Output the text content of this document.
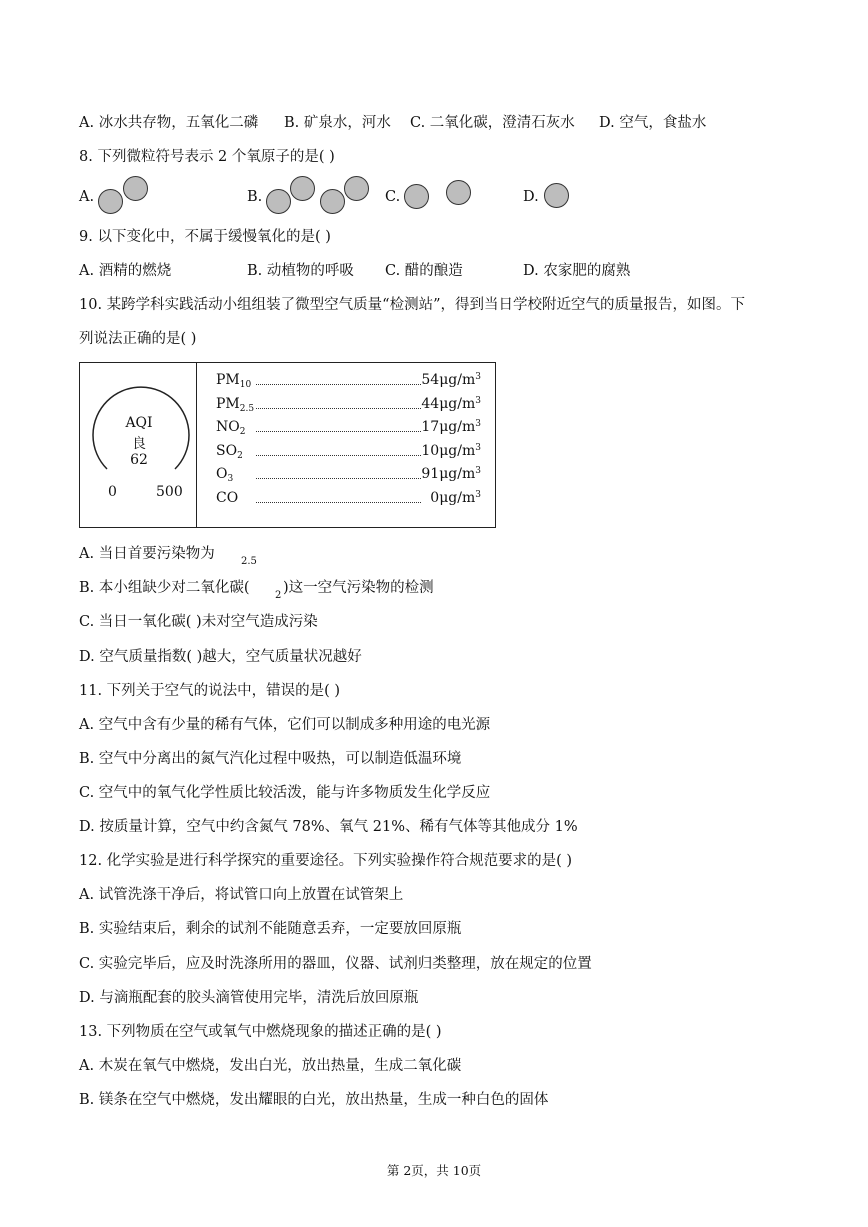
A. 冰水共存物，五氧化二磷 B. 矿泉水，河水 C. 二氧化碳，澄清石灰水 D. 空气，食盐水
8. 下列微粒符号表示 2 个氧原子的是( )
A.	B.	C.	D.
9. 以下变化中，不属于缓慢氧化的是( )
A. 酒精的燃烧	B. 动植物的呼吸 C. 醋的酿造	D. 农家肥的腐熟
10. 某跨学科实践活动小组组装了微型空气质量“检测站”，得到当日学校附近空气的质量报告，如图。下
列说法正确的是( )
AQI
良
62
0	500
$PM_{10}$	$54\mu g/m^3$
$PM_{2.5}$	$44\mu g/m^3$
$NO_2$	$17\mu g/m^3$
$SO_2$	$10\mu g/m^3$
$O_3$	$91\mu g/m^3$
CO	$0\mu g/m^3$
A. 当日首要污染物为	2.5
B. 本小组缺少对二氧化碳(	2 )这一空气污染物的检测
C. 当日一氧化碳( )未对空气造成污染
D. 空气质量指数( )越大，空气质量状况越好
11. 下列关于空气的说法中，错误的是( )
A. 空气中含有少量的稀有气体，它们可以制成多种用途的电光源
B. 空气中分离出的氮气汽化过程中吸热，可以制造低温环境
C. 空气中的氧气化学性质比较活泼，能与许多物质发生化学反应
D. 按质量计算，空气中约含氮气 78%、氧气 21%、稀有气体等其他成分 1%
12. 化学实验是进行科学探究的重要途径。下列实验操作符合规范要求的是( )
A. 试管洗涤干净后，将试管口向上放置在试管架上
B. 实验结束后，剩余的试剂不能随意丢弃，一定要放回原瓶
C. 实验完毕后，应及时洗涤所用的器皿，仪器、试剂归类整理，放在规定的位置
D. 与滴瓶配套的胶头滴管使用完毕，清洗后放回原瓶
13. 下列物质在空气或氧气中燃烧现象的描述正确的是( )
A. 木炭在氧气中燃烧，发出白光，放出热量，生成二氧化碳
B. 镁条在空气中燃烧，发出耀眼的白光，放出热量，生成一种白色的固体
第 2页，共 10页
